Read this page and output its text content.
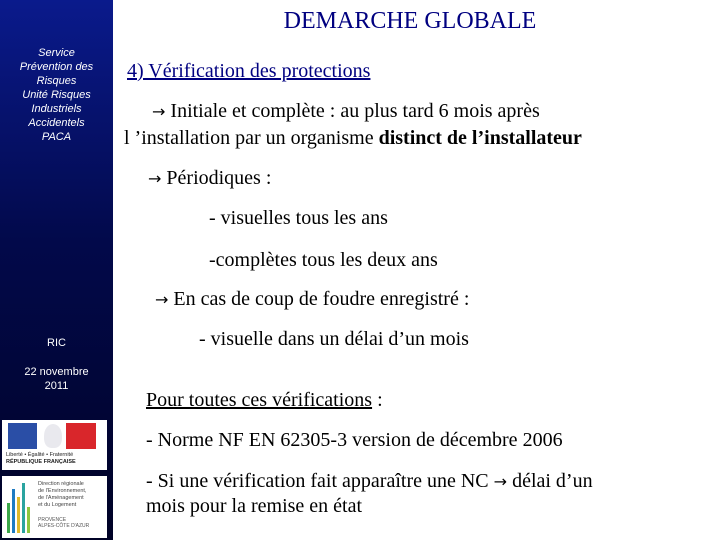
Service
Prévention des
Risques
Unité Risques
Industriels
Accidentels
PACA
RIC
22 novembre
2011
Liberté • Égalité • Fraternité
RÉPUBLIQUE FRANÇAISE
Direction régionale
de l'Environnement,
de l'Aménagement
et du Logement
PROVENCE
ALPES-CÔTE D'AZUR
DEMARCHE GLOBALE
4) Vérification des protections
→ Initiale et complète : au plus tard 6 mois après
l ’installation par un organisme distinct de l’installateur
→ Périodiques :
- visuelles tous les ans
-complètes tous les deux ans
→ En cas de coup de foudre enregistré :
- visuelle dans un délai d’un mois
Pour toutes ces vérifications :
- Norme NF EN 62305-3 version de décembre 2006
- Si une vérification fait apparaître une NC → délai d’un
mois pour la remise en état
